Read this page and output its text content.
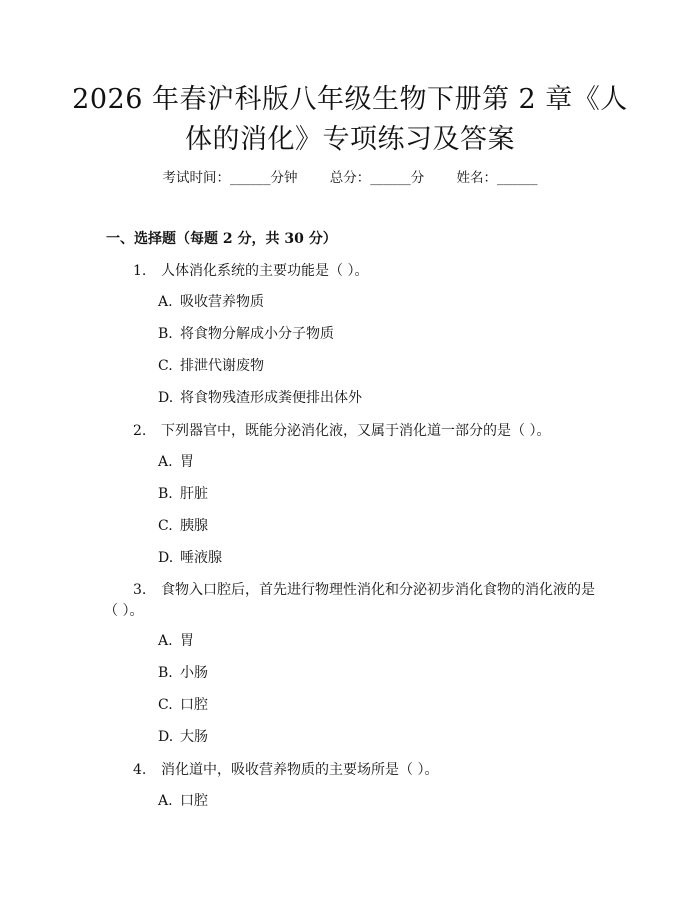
2026 年春沪科版八年级生物下册第 2 章《人
体的消化》专项练习及答案
考试时间：______分钟 总分：______分 姓名：______
一、选择题（每题 2 分，共 30 分）
1. 人体消化系统的主要功能是（ ）。
A. 吸收营养物质
B. 将食物分解成小分子物质
C. 排泄代谢废物
D. 将食物残渣形成粪便排出体外
2. 下列器官中，既能分泌消化液，又属于消化道一部分的是（ ）。
A. 胃
B. 肝脏
C. 胰腺
D. 唾液腺
3. 食物入口腔后，首先进行物理性消化和分泌初步消化食物的消化液的是
（ ）。
A. 胃
B. 小肠
C. 口腔
D. 大肠
4. 消化道中，吸收营养物质的主要场所是（ ）。
A. 口腔
